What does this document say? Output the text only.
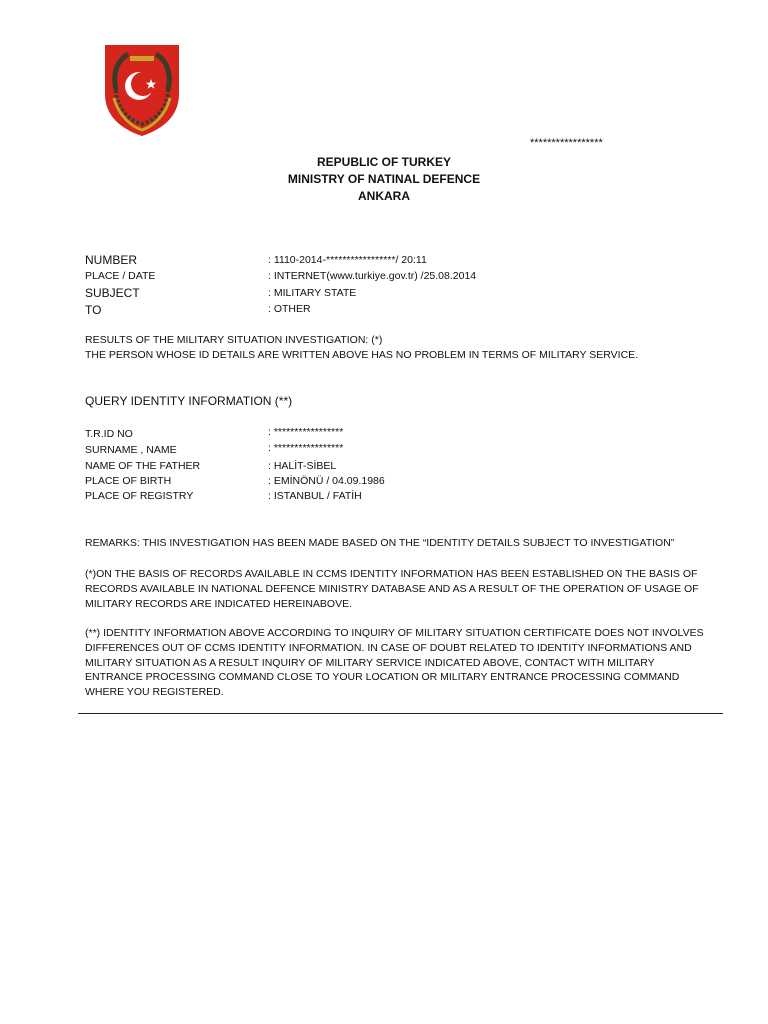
*****************
REPUBLIC OF TURKEY
MINISTRY OF NATINAL DEFENCE
ANKARA
NUMBER	: 1110-2014-*****************/ 20:11
PLACE / DATE	: INTERNET(www.turkiye.gov.tr) /25.08.2014
SUBJECT	: MILITARY STATE
TO	: OTHER
RESULTS OF THE MILITARY SITUATION INVESTIGATION: (*)
THE PERSON WHOSE ID DETAILS ARE WRITTEN ABOVE HAS NO PROBLEM IN TERMS OF MILITARY SERVICE.
QUERY IDENTITY INFORMATION (**)
T.R.ID NO	: *****************
SURNAME , NAME	: *****************
NAME OF THE FATHER	: HALİT-SİBEL
PLACE OF BIRTH	: EMİNÖNÜ / 04.09.1986
PLACE OF REGISTRY	: ISTANBUL / FATİH
REMARKS: THIS INVESTIGATION HAS BEEN MADE BASED ON THE “IDENTITY DETAILS SUBJECT TO INVESTIGATION”
(*)ON THE BASIS OF RECORDS AVAILABLE IN CCMS IDENTITY INFORMATION HAS BEEN ESTABLISHED ON THE BASIS OF RECORDS AVAILABLE IN NATIONAL DEFENCE MINISTRY DATABASE AND AS A RESULT OF THE OPERATION OF USAGE OF MILITARY RECORDS ARE INDICATED HEREINABOVE.
(**) IDENTITY INFORMATION ABOVE ACCORDING TO INQUIRY OF MILITARY SITUATION CERTIFICATE DOES NOT INVOLVES DIFFERENCES OUT OF CCMS IDENTITY INFORMATION. IN CASE OF DOUBT RELATED TO IDENTITY INFORMATIONS AND MILITARY SITUATION AS A RESULT INQUIRY OF MILITARY SERVICE INDICATED ABOVE, CONTACT WITH MILITARY ENTRANCE PROCESSING COMMAND CLOSE TO YOUR LOCATION OR MILITARY ENTRANCE PROCESSING COMMAND WHERE YOU REGISTERED.
